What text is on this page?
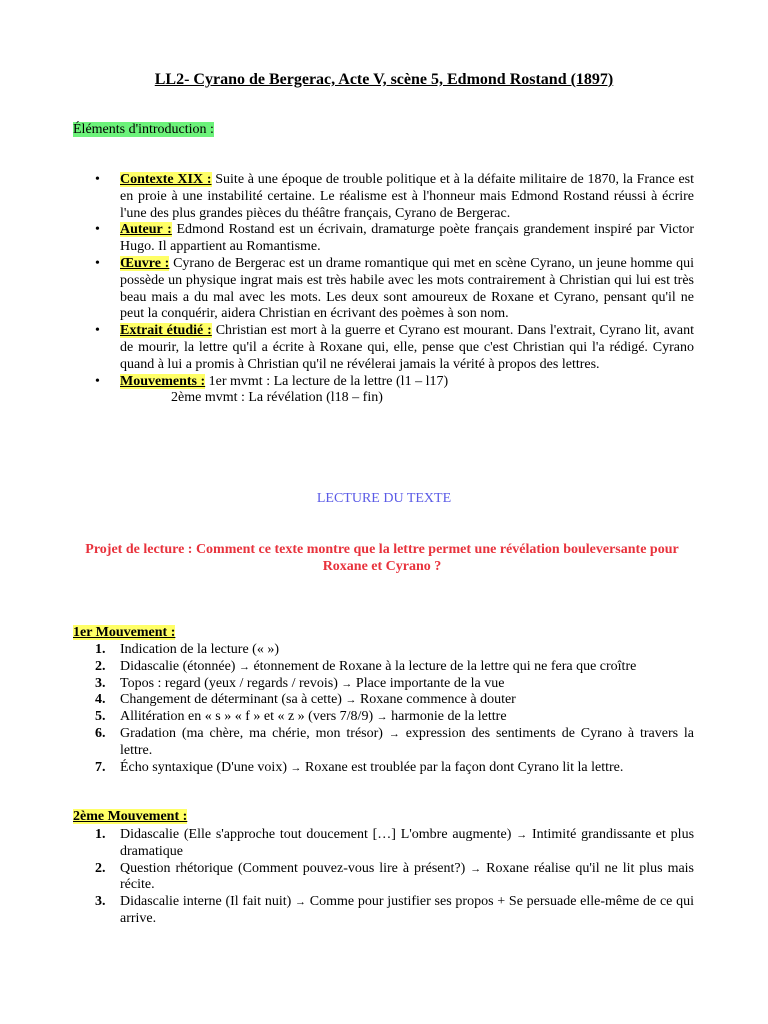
LL2- Cyrano de Bergerac, Acte V, scène 5, Edmond Rostand (1897)
Éléments d'introduction :
• Contexte XIX : Suite à une époque de trouble politique et à la défaite militaire de 1870, la France est en proie à une instabilité certaine. Le réalisme est à l'honneur mais Edmond Rostand réussi à écrire l'une des plus grandes pièces du théâtre français, Cyrano de Bergerac.
• Auteur : Edmond Rostand est un écrivain, dramaturge poète français grandement inspiré par Victor Hugo. Il appartient au Romantisme.
• Œuvre : Cyrano de Bergerac est un drame romantique qui met en scène Cyrano, un jeune homme qui possède un physique ingrat mais est très habile avec les mots contrairement à Christian qui lui est très beau mais a du mal avec les mots. Les deux sont amoureux de Roxane et Cyrano, pensant qu'il ne peut la conquérir, aidera Christian en écrivant des poèmes à son nom.
• Extrait étudié : Christian est mort à la guerre et Cyrano est mourant. Dans l'extrait, Cyrano lit, avant de mourir, la lettre qu'il a écrite à Roxane qui, elle, pense que c'est Christian qui l'a rédigé. Cyrano quand à lui a promis à Christian qu'il ne révélerai jamais la vérité à propos des lettres.
• Mouvements : 1er mvmt : La lecture de la lettre (l1 – l17)
2ème mvmt : La révélation (l18 – fin)
LECTURE DU TEXTE
Projet de lecture : Comment ce texte montre que la lettre permet une révélation bouleversante pour Roxane et Cyrano ?
1er Mouvement :
1. Indication de la lecture (« »)
2. Didascalie (étonnée) → étonnement de Roxane à la lecture de la lettre qui ne fera que croître
3. Topos : regard (yeux / regards / revois) → Place importante de la vue
4. Changement de déterminant (sa à cette) → Roxane commence à douter
5. Allitération en « s » « f » et « z » (vers 7/8/9) → harmonie de la lettre
6. Gradation (ma chère, ma chérie, mon trésor) → expression des sentiments de Cyrano à travers la lettre.
7. Écho syntaxique (D'une voix) → Roxane est troublée par la façon dont Cyrano lit la lettre.
2ème Mouvement :
1. Didascalie (Elle s'approche tout doucement […] L'ombre augmente) → Intimité grandissante et plus dramatique
2. Question rhétorique (Comment pouvez-vous lire à présent?) → Roxane réalise qu'il ne lit plus mais récite.
3. Didascalie interne (Il fait nuit) → Comme pour justifier ses propos + Se persuade elle-même de ce qui arrive.
